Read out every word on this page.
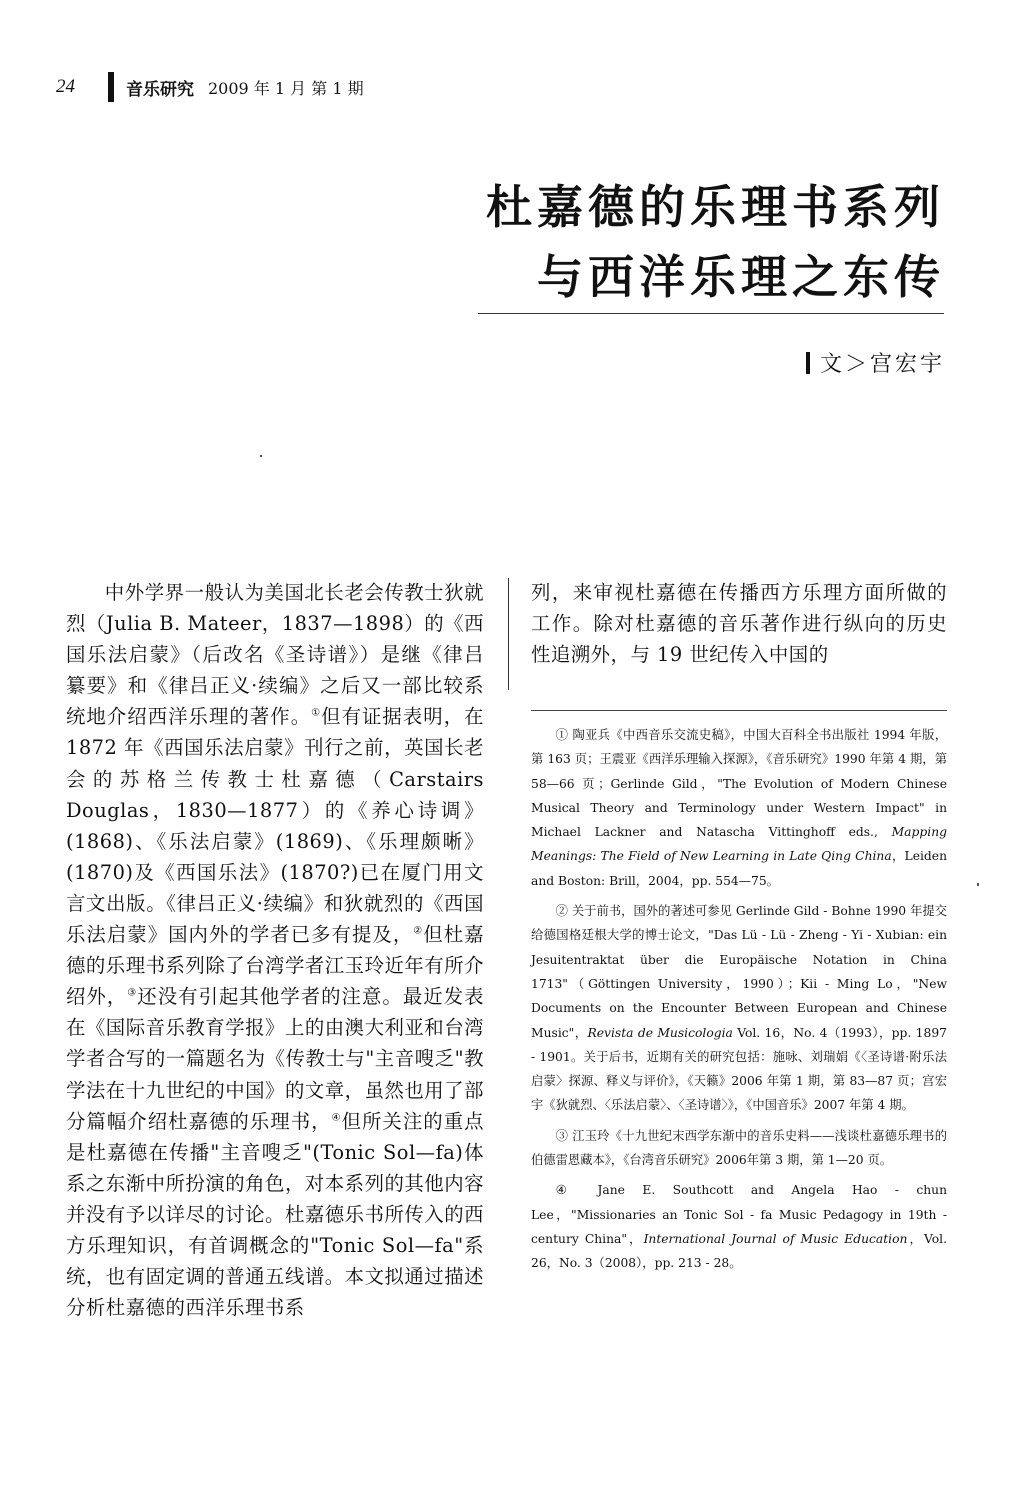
24	音乐研究 2009 年 1 月 第 1 期
杜嘉德的乐理书系列
与西洋乐理之东传
文＞宫宏宇

中外学界一般认为美国北长老会传教士狄就烈（Julia B. Mateer，1837—1898）的《西国乐法启蒙》（后改名《圣诗谱》）是继《律吕纂要》和《律吕正义·续编》之后又一部比较系统地介绍西洋乐理的著作。①但有证据表明，在 1872 年《西国乐法启蒙》刊行之前，英国长老会的苏格兰传教士杜嘉德（Carstairs Douglas，1830—1877）的《养心诗调》(1868)、《乐法启蒙》(1869)、《乐理颇晰》(1870)及《西国乐法》(1870?)已在厦门用文言文出版。《律吕正义·续编》和狄就烈的《西国乐法启蒙》国内外的学者已多有提及，②但杜嘉德的乐理书系列除了台湾学者江玉玲近年有所介绍外，③还没有引起其他学者的注意。最近发表在《国际音乐教育学报》上的由澳大利亚和台湾学者合写的一篇题名为《传教士与"主音嗖乏"教学法在十九世纪的中国》的文章，虽然也用了部分篇幅介绍杜嘉德的乐理书，④但所关注的重点是杜嘉德在传播"主音嗖乏"(Tonic Sol—fa)体系之东渐中所扮演的角色，对本系列的其他内容并没有予以详尽的讨论。杜嘉德乐书所传入的西方乐理知识，有首调概念的"Tonic Sol—fa"系统，也有固定调的普通五线谱。本文拟通过描述分析杜嘉德的西洋乐理书系

列，来审视杜嘉德在传播西方乐理方面所做的工作。除对杜嘉德的音乐著作进行纵向的历史性追溯外，与 19 世纪传入中国的

① 陶亚兵《中西音乐交流史稿》，中国大百科全书出版社 1994 年版，第 163 页；王震亚《西洋乐理输入探源》，《音乐研究》1990 年第 4 期，第 58—66 页；Gerlinde Gild，"The Evolution of Modern Chinese Musical Theory and Terminology under Western Impact" in Michael Lackner and Natascha Vittinghoff eds., Mapping Meanings: The Field of New Learning in Late Qing China，Leiden and Boston: Brill，2004，pp. 554—75。

② 关于前书，国外的著述可参见 Gerlinde Gild - Bohne 1990 年提交给德国格廷根大学的博士论文，"Das Lü - Lü - Zheng - Yi - Xubian: ein Jesuitentraktat über die Europäische Notation in China 1713"（Göttingen University，1990）；Kii - Ming Lo，"New Documents on the Encounter Between European and Chinese Music"，Revista de Musicologia Vol. 16，No. 4（1993），pp. 1897 - 1901。关于后书，近期有关的研究包括：施咏、刘瑞娟《〈圣诗谱·附乐法启蒙〉探源、释义与评价》，《天籁》2006 年第 1 期，第 83—87 页；宫宏宇《狄就烈、〈乐法启蒙〉、〈圣诗谱〉》，《中国音乐》2007 年第 4 期。

③ 江玉玲《十九世纪末西学东渐中的音乐史料——浅谈杜嘉德乐理书的伯德雷恩藏本》，《台湾音乐研究》2006年第 3 期，第 1—20 页。

④ Jane E. Southcott and Angela Hao - chun Lee，"Missionaries an Tonic Sol - fa Music Pedagogy in 19th - century China"，International Journal of Music Education，Vol. 26，No. 3（2008），pp. 213 - 28。
